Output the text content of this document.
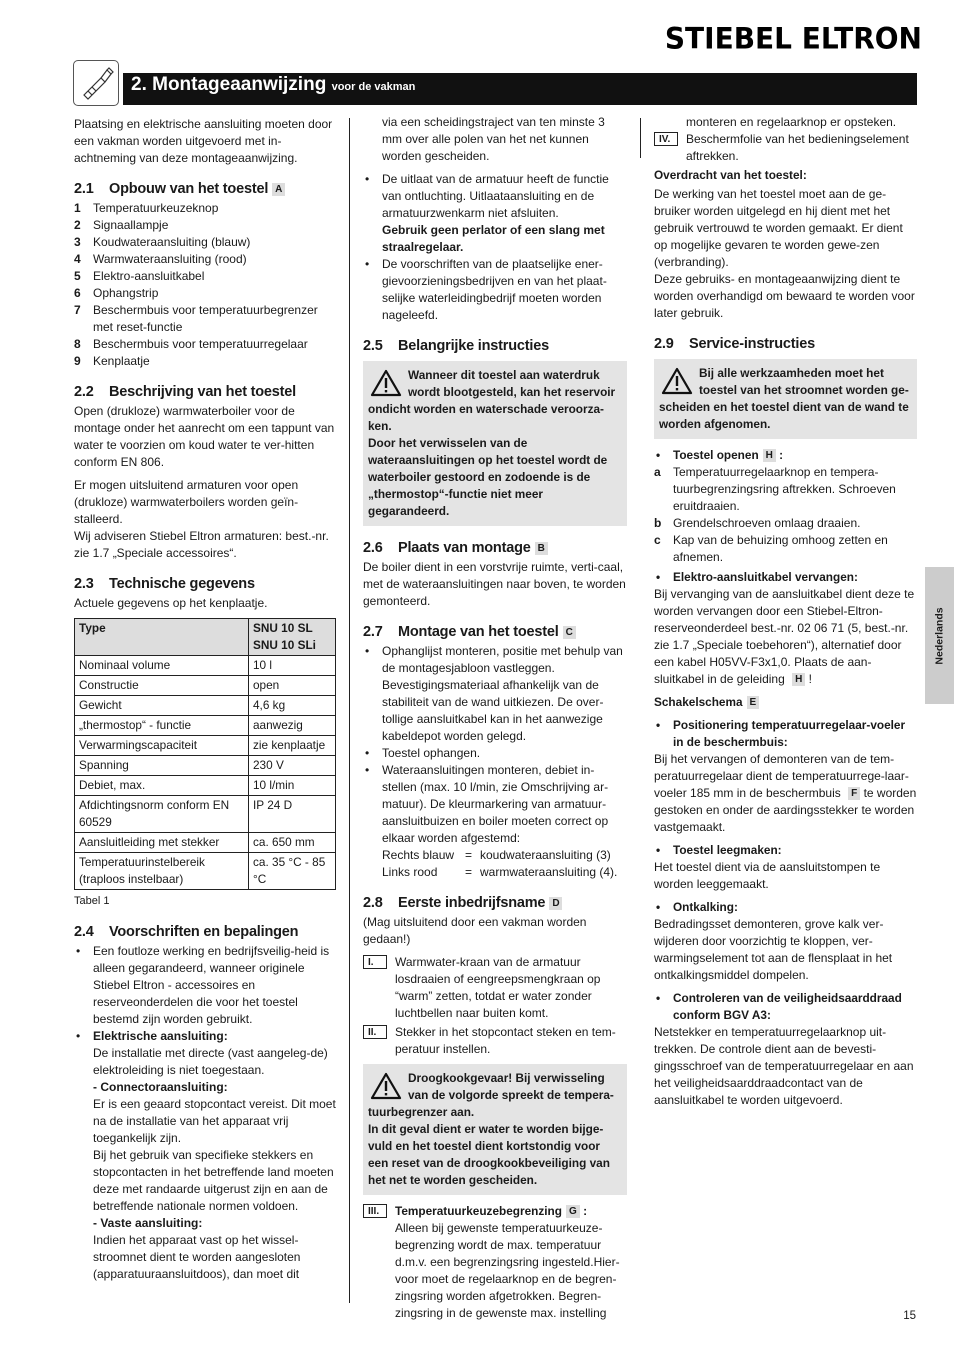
STIEBEL ELTRON
2. Montageaanwijzing voor de vakman

Plaatsing en elektrische aansluiting moeten door een vakman worden uitgevoerd met in-achtneming van deze montageaanwijzing.

2.1 Opbouw van het toestel A
1	Temperatuurkeuzeknop
2	Signaallampje
3	Koudwateraansluiting (blauw)
4	Warmwateraansluiting (rood)
5	Elektro-aansluitkabel
6	Ophangstrip
7	Beschermbuis voor temperatuurbegrenzer met reset-functie
8	Beschermbuis voor temperatuurregelaar
9	Kenplaatje
2.2 Beschrijving van het toestel

Open (drukloze) warmwaterboiler voor de montage onder het aanrecht om een tappunt van water te voorzien om koud water te ver-hitten conform EN 806.

Er mogen uitsluitend armaturen voor open (drukloze) warmwaterboilers worden geïn-stalleerd.

Wij adviseren Stiebel Eltron armaturen: best.-nr. zie 1.7 „Speciale accessoires“.

2.3 Technische gegevens

Actuele gegevens op het kenplaatje.

Type	SNU 10 SL
SNU 10 SLi
Nominaal volume	10 l
Constructie	open
Gewicht	4,6 kg
„thermostop“ - functie	aanwezig
Verwarmingscapaciteit	zie kenplaatje
Spanning	230 V
Debiet, max.	10 l/min
Afdichtingsnorm conform EN 60529	IP 24 D
Aansluitleiding met stekker	ca. 650 mm
Temperatuurinstelbereik (traploos instelbaar)	ca. 35 °C - 85 °C

Tabel 1

2.4 Voorschriften en bepalingen
• Een foutloze werking en bedrijfsveilig-heid is alleen gegarandeerd, wanneer originele Stiebel Eltron - accessoires en reserveonderdelen die voor het toestel bestemd zijn worden gebruikt.
• Elektrische aansluiting:
De installatie met directe (vast aangeleg-de) elektroleiding is niet toegestaan.
- Connectoraansluiting:
Er is een geaard stopcontact vereist. Dit moet na de installatie van het apparaat vrij toegankelijk zijn.
Bij het gebruik van specifieke stekkers en stopcontacten in het betreffende land moeten deze met randaarde uitgerust zijn en aan de betreffende nationale normen voldoen.
- Vaste aansluiting:
Indien het apparaat vast op het wissel-stroomnet dient te worden aangesloten (apparatuuraansluitdoos), dan moet dit

via een scheidingstraject van ten minste 3 mm over alle polen van het net kunnen worden gescheiden.

• De uitlaat van de armatuur heeft de functie van ontluchting. Uitlaataansluiting en de armatuurzwenkarm niet afsluiten.
Gebruik geen perlator of een slang met straalregelaar.
• De voorschriften van de plaatselijke ener-gievoorzieningsbedrijven en van het plaat-selijke waterleidingbedrijf moeten worden nageleefd.
2.5 Belangrijke instructies
Wanneer dit toestel aan waterdruk wordt blootgesteld, kan het reservoir ondicht worden en waterschade veroorza-ken.
Door het verwisselen van de wateraansluitingen op het toestel wordt de waterboiler gestoord en zodoende is de „thermostop“-functie niet meer gegarandeerd.
2.6 Plaats van montage B

De boiler dient in een vorstvrije ruimte, verti-caal, met de wateraansluitingen naar boven, te worden gemonteerd.

2.7 Montage van het toestel C
• Ophanglijst monteren, positie met behulp van de montagesjabloon vastleggen. Bevestigingsmateriaal afhankelijk van de stabiliteit van de wand uitkiezen. De over-tollige aansluitkabel kan in het aanwezige kabeldepot worden gelegd.
• Toestel ophangen.
• Wateraansluitingen monteren, debiet in-stellen (max. 10 l/min, zie Omschrijving ar-matuur). De kleurmarkering van armatuur-aansluitbuizen en boiler moeten correct op elkaar worden afgestemd:
Rechts blauw = koudwateraansluiting (3)
Links rood	= warmwateraansluiting (4).
2.8 Eerste inbedrijfsname D

(Mag uitsluitend door een vakman worden gedaan!)

I.	Warmwater-kraan van de armatuur losdraaien of eengreepsmengkraan op “warm” zetten, totdat er water zonder luchtbellen naar buiten komt.
II.	Stekker in het stopcontact steken en tem-peratuur instellen.
Droogkookgevaar! Bij verwisseling van de volgorde spreekt de tempera-tuurbegrenzer aan.
In dit geval dient er water te worden bijge-vuld en het toestel dient kortstondig voor een reset van de droogkookbeveiliging van het net te worden gescheiden.
III.	Temperatuurkeuzebegrenzing G :
Alleen bij gewenste temperatuurkeuze-begrenzing wordt de max. temperatuur d.m.v. een begrenzingsring ingesteld.Hier-voor moet de regelaarknop en de begren-zingsring worden afgetrokken. Begren-zingsring in de gewenste max. instelling

monteren en regelaarknop er opsteken.

IV.	Beschermfolie van het bedieningselement aftrekken.

Overdracht van het toestel:

De werking van het toestel moet aan de ge-bruiker worden uitgelegd en hij dient met het gebruik vertrouwd te worden gemaakt. Er dient op mogelijke gevaren te worden gewe-zen (verbranding).

Deze gebruiks- en montageaanwijzing dient te worden overhandigd om bewaard te worden voor later gebruik.

2.9 Service-instructies
Bij alle werkzaamheden moet het toestel van het stroomnet worden ge-scheiden en het toestel dient van de wand te worden afgenomen.
• Toestel openen H :
a	Temperatuurregelaarknop en tempera-tuurbegrenzingsring aftrekken. Schroeven eruitdraaien.
b Grendelschroeven omlaag draaien.
c	Kap van de behuizing omhoog zetten en afnemen.
• Elektro-aansluitkabel vervangen:

Bij vervanging van de aansluitkabel dient deze te worden vervangen door een Stiebel-Eltron-reserveonderdeel best.-nr. 02 06 71 (5, best.-nr. zie 1.7 „Speciale toebehoren“), alternatief door een kabel H05VV-F3x1,0. Plaats de aan-sluitkabel in de geleiding H !

Schakelschema E

• Positionering temperatuurregelaar-voeler in de beschermbuis:

Bij het vervangen of demonteren van de tem-peratuurregelaar dient de temperatuurrege-laar-voeler 185 mm in de beschermbuis F te worden gestoken en onder de aardingsstekker te worden vastgemaakt.

• Toestel leegmaken:

Het toestel dient via de aansluitstompen te worden leeggemaakt.

• Ontkalking:

Bedradingsset demonteren, grove kalk ver-wijderen door voorzichtig te kloppen, ver-warmingselement tot aan de flensplaat in het ontkalkingsmiddel dompelen.

• Controleren van de veiligheidsaarddraad conform BGV A3:

Netstekker en temperatuurregelaarknop uit-trekken. De controle dient aan de bevesti-gingsschroef van de temperatuurregelaar en aan het veiligheidsaarddraadcontact van de aansluitkabel te worden uitgevoerd.

Nederlands
15
